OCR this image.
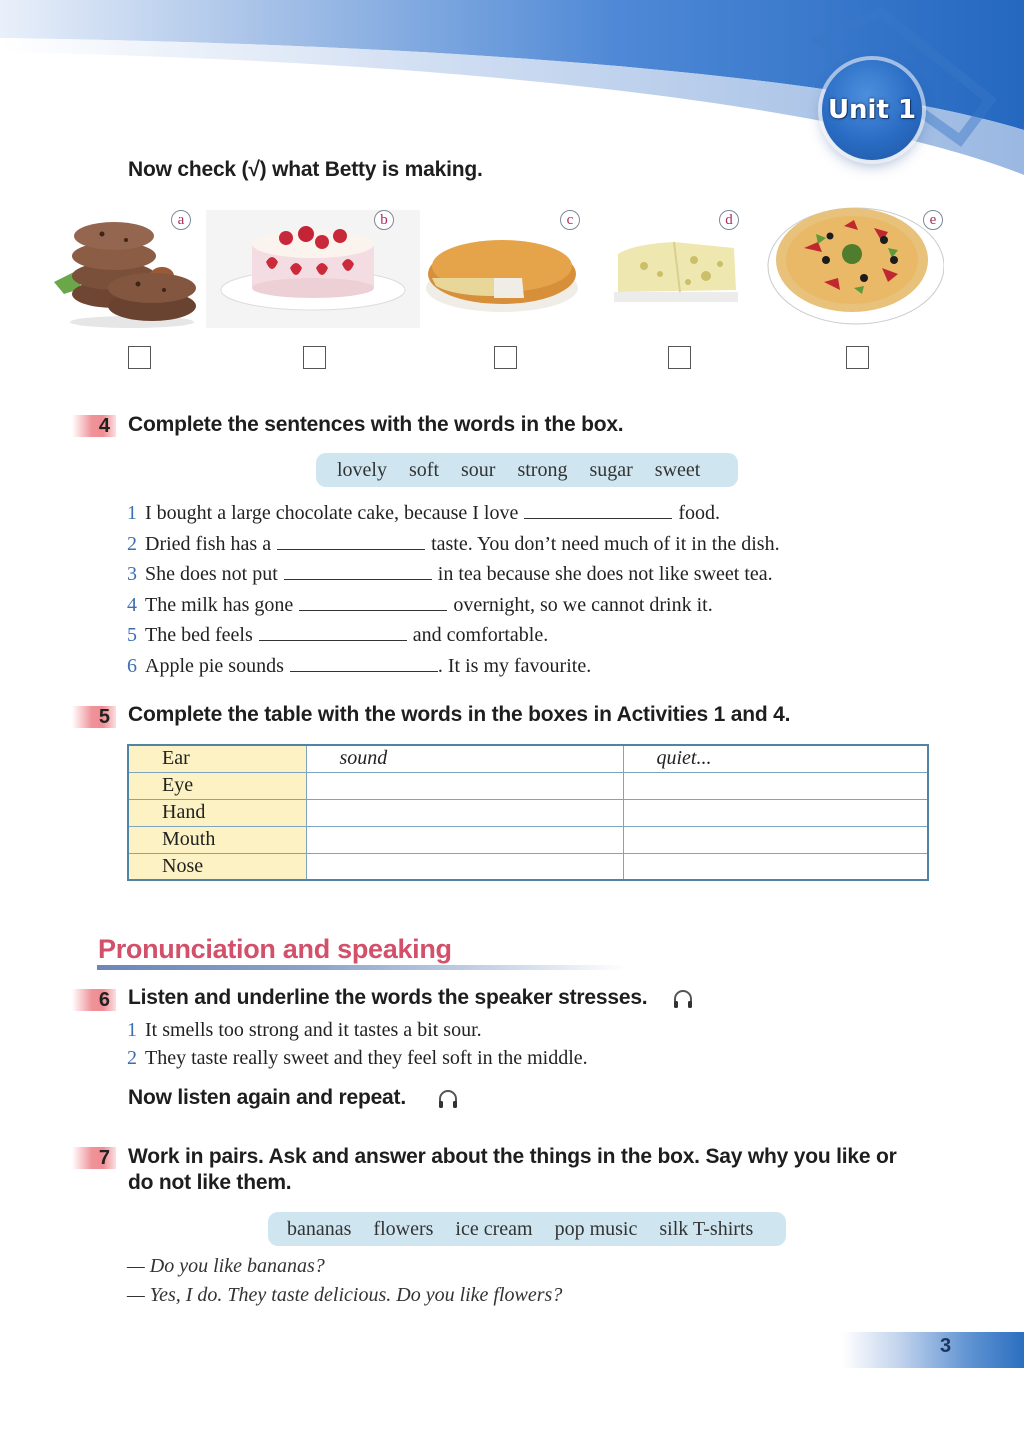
Unit 1
Now check (√) what Betty is making.
a	b	c	d	e
4 Complete the sentences with the words in the box.
lovely soft sour strong sugar sweet
1 I bought a large chocolate cake, because I love	food.
2 Dried fish has a	taste. You don’t need much of it in the dish.
3 She does not put	in tea because she does not like sweet tea.
4 The milk has gone	overnight, so we cannot drink it.
5 The bed feels	and comfortable.
6 Apple pie sounds	. It is my favourite.
5 Complete the table with the words in the boxes in Activities 1 and 4.
Ear	sound	quiet...
Eye		
Hand		
Mouth		
Nose		
Pronunciation and speaking
6 Listen and underline the words the speaker stresses.
1 It smells too strong and it tastes a bit sour.
2 They taste really sweet and they feel soft in the middle.
Now listen again and repeat.
7 Work in pairs. Ask and answer about the things in the box. Say why you like or
do not like them.
bananas flowers ice cream pop music silk T-shirts
— Do you like bananas?
— Yes, I do. They taste delicious. Do you like flowers?
3
